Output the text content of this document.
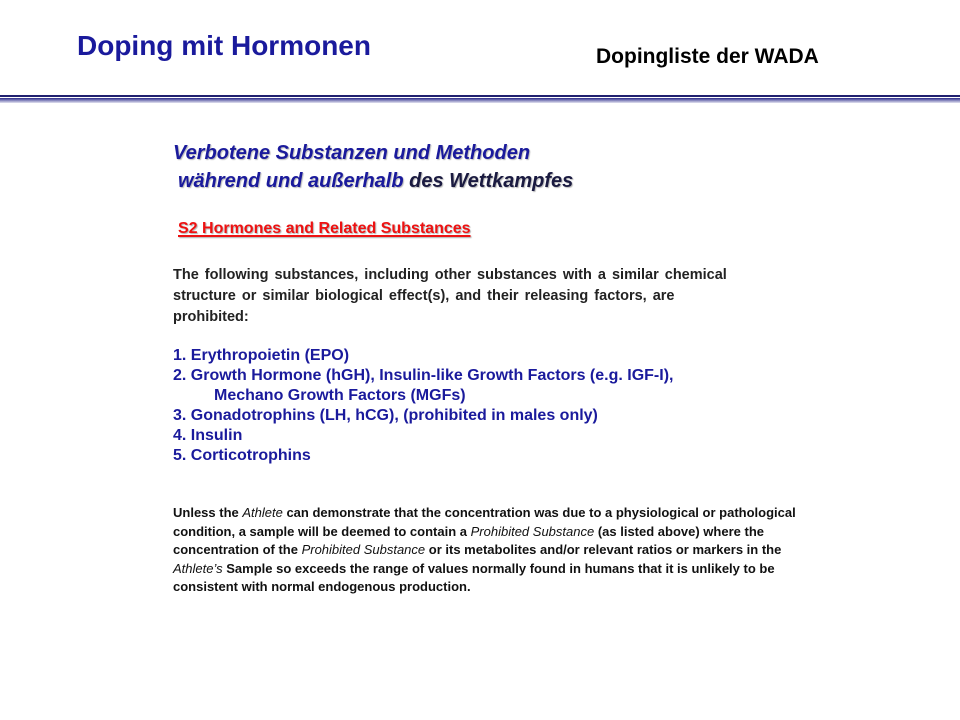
Doping mit Hormonen	Dopingliste der WADA
Verbotene Substanzen und Methoden
während und außerhalb des Wettkampfes
S2 Hormones and Related Substances

The following substances, including other substances with a similar chemical structure or similar biological effect(s), and their releasing factors, are prohibited:

1. Erythropoietin (EPO)
2. Growth Hormone (hGH), Insulin-like Growth Factors (e.g. IGF-I),
Mechano Growth Factors (MGFs)
3. Gonadotrophins (LH, hCG), (prohibited in males only)
4. Insulin
5. Corticotrophins

Unless the Athlete can demonstrate that the concentration was due to a physiological or pathological condition, a sample will be deemed to contain a Prohibited Substance (as listed above) where the concentration of the Prohibited Substance or its metabolites and/or relevant ratios or markers in the Athlete’s Sample so exceeds the range of values normally found in humans that it is unlikely to be consistent with normal endogenous production.
